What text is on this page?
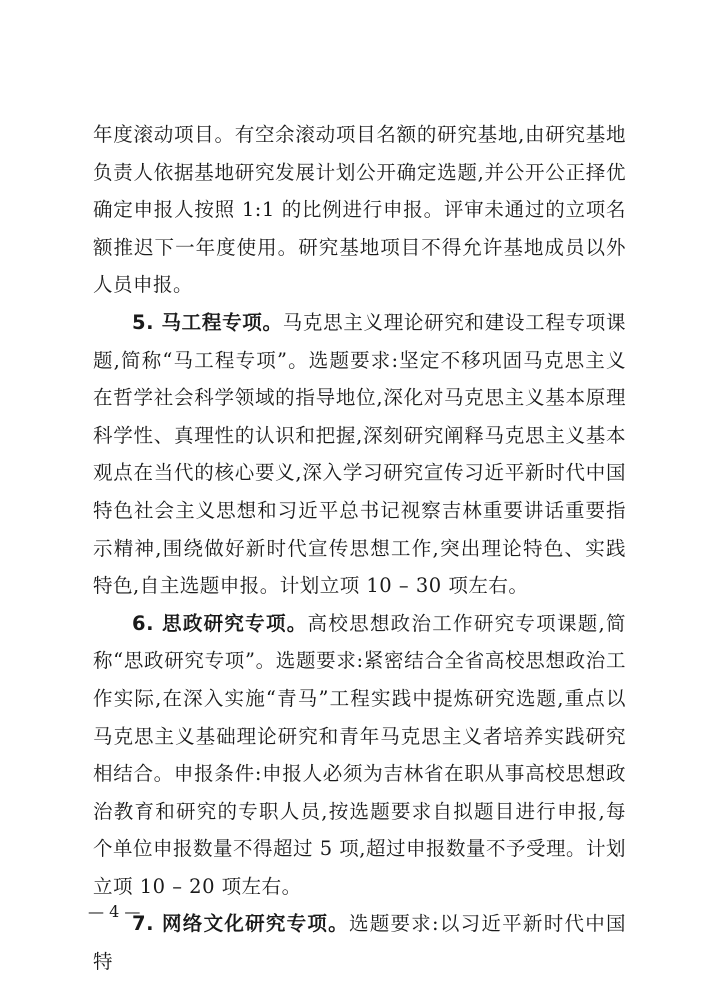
年度滚动项目。有空余滚动项目名额的研究基地,由研究基地负责人依据基地研究发展计划公开确定选题,并公开公正择优确定申报人按照 1:1 的比例进行申报。评审未通过的立项名额推迟下一年度使用。研究基地项目不得允许基地成员以外人员申报。

5. 马工程专项。马克思主义理论研究和建设工程专项课题,简称“马工程专项”。选题要求:坚定不移巩固马克思主义在哲学社会科学领域的指导地位,深化对马克思主义基本原理科学性、真理性的认识和把握,深刻研究阐释马克思主义基本观点在当代的核心要义,深入学习研究宣传习近平新时代中国特色社会主义思想和习近平总书记视察吉林重要讲话重要指示精神,围绕做好新时代宣传思想工作,突出理论特色、实践特色,自主选题申报。计划立项 10 – 30 项左右。

6. 思政研究专项。高校思想政治工作研究专项课题,简称“思政研究专项”。选题要求:紧密结合全省高校思想政治工作实际,在深入实施“青马”工程实践中提炼研究选题,重点以马克思主义基础理论研究和青年马克思主义者培养实践研究相结合。申报条件:申报人必须为吉林省在职从事高校思想政治教育和研究的专职人员,按选题要求自拟题目进行申报,每个单位申报数量不得超过 5 项,超过申报数量不予受理。计划立项 10 – 20 项左右。

7. 网络文化研究专项。选题要求:以习近平新时代中国特

— 4 —
